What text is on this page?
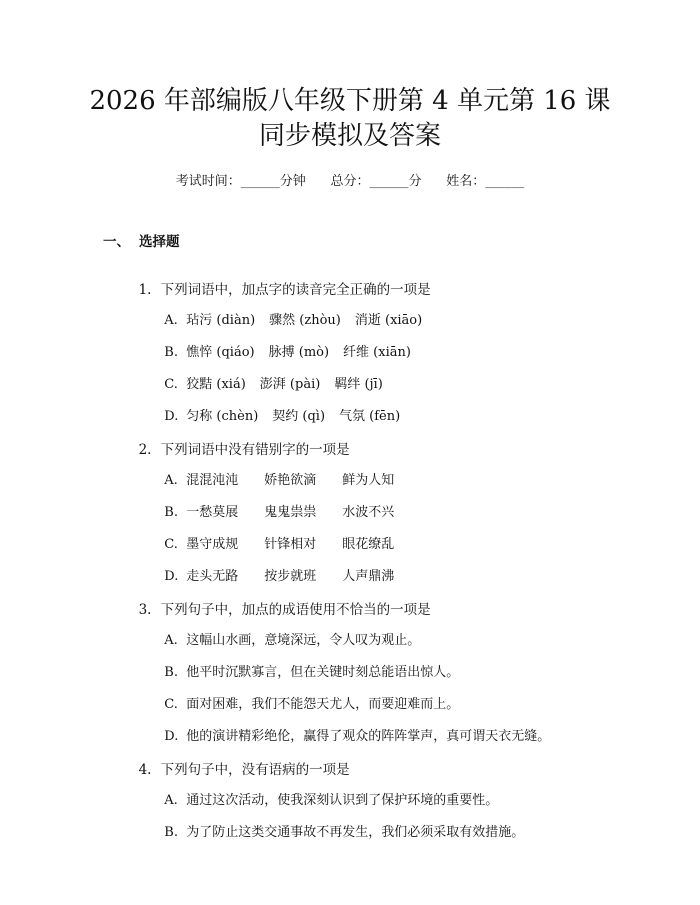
2026 年部编版八年级下册第 4 单元第 16 课
同步模拟及答案
考试时间：______分钟      总分：______分      姓名：______
一、 选择题

1. 下列词语中，加点字的读音完全正确的一项是

A. 玷污 (diàn) 骤然 (zhòu) 消逝 (xiāo)

B. 憔悴 (qiáo) 脉搏 (mò) 纤维 (xiān)

C. 狡黠 (xiá) 澎湃 (pài) 羁绊 (jī)

D. 匀称 (chèn) 契约 (qì) 气氛 (fēn)

2. 下列词语中没有错别字的一项是

A. 混混沌沌 娇艳欲滴 鲜为人知

B. 一愁莫展 鬼鬼祟祟 水波不兴

C. 墨守成规 针锋相对 眼花缭乱

D. 走头无路 按步就班 人声鼎沸

3. 下列句子中，加点的成语使用不恰当的一项是

A. 这幅山水画，意境深远，令人叹为观止。

B. 他平时沉默寡言，但在关键时刻总能语出惊人。

C. 面对困难，我们不能怨天尤人，而要迎难而上。

D. 他的演讲精彩绝伦，赢得了观众的阵阵掌声，真可谓天衣无缝。

4. 下列句子中，没有语病的一项是

A. 通过这次活动，使我深刻认识到了保护环境的重要性。

B. 为了防止这类交通事故不再发生，我们必须采取有效措施。
